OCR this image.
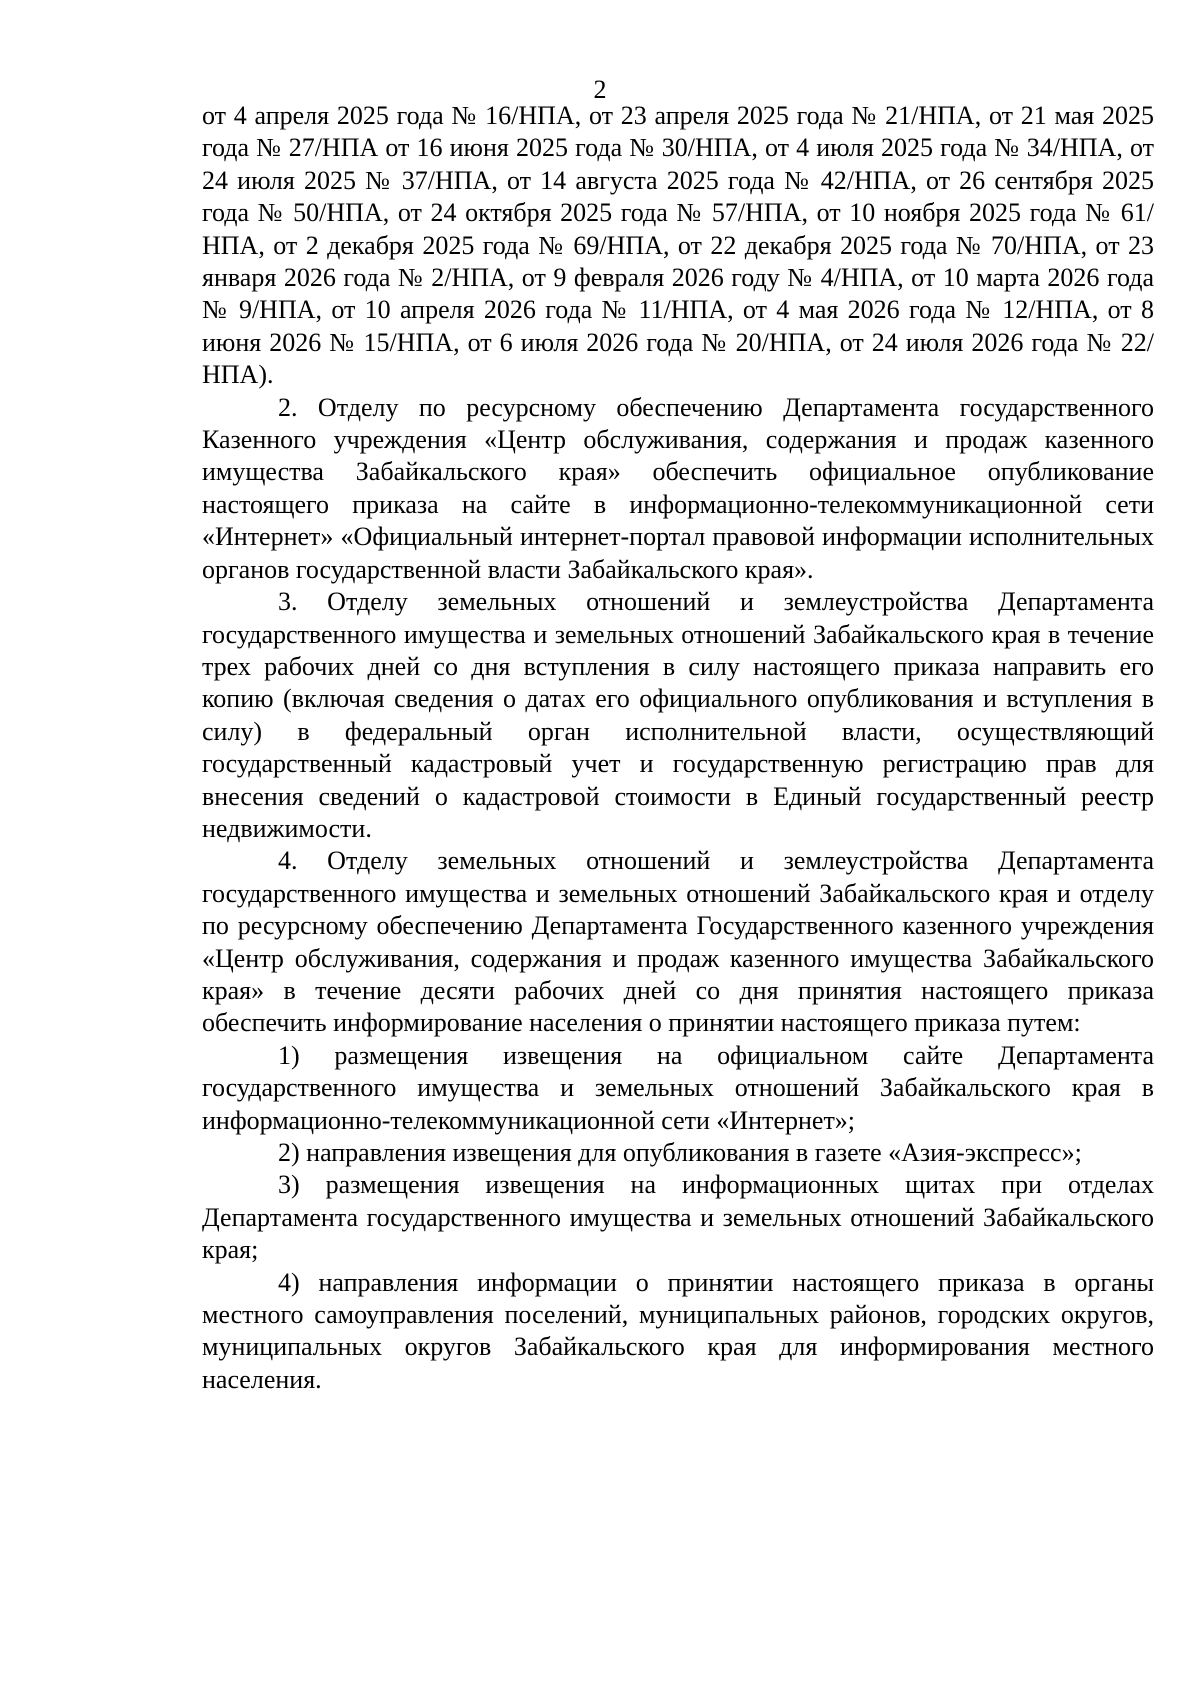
2

от 4 апреля 2025 года № 16/НПА, от 23 апреля 2025 года № 21/НПА, от 21 мая 2025 года № 27/НПА от 16 июня 2025 года № 30/НПА, от 4 июля 2025 года № 34/НПА, от 24 июля 2025 № 37/НПА, от 14 августа 2025 года № 42/НПА, от 26 сентября 2025 года № 50/НПА, от 24 октября 2025 года № 57/НПА, от 10 ноября 2025 года № 61/НПА, от 2 декабря 2025 года № 69/НПА, от 22 декабря 2025 года № 70/НПА, от 23 января 2026 года № 2/НПА, от 9 февраля 2026 году № 4/НПА, от 10 марта 2026 года № 9/НПА, от 10 апреля 2026 года № 11/НПА, от 4 мая 2026 года № 12/НПА, от 8 июня 2026 № 15/НПА, от 6 июля 2026 года № 20/НПА, от 24 июля 2026 года № 22/НПА).

2. Отделу по ресурсному обеспечению Департамента государственного Казенного учреждения «Центр обслуживания, содержания и продаж казенного имущества Забайкальского края» обеспечить официальное опубликование настоящего приказа на сайте в информационно-телекоммуникационной сети «Интернет» «Официальный интернет-портал правовой информации исполнительных органов государственной власти Забайкальского края».

3. Отделу земельных отношений и землеустройства Департамента государственного имущества и земельных отношений Забайкальского края в течение трех рабочих дней со дня вступления в силу настоящего приказа направить его копию (включая сведения о датах его официального опубликования и вступления в силу) в федеральный орган исполнительной власти, осуществляющий государственный кадастровый учет и государственную регистрацию прав для внесения сведений о кадастровой стоимости в Единый государственный реестр недвижимости.

4. Отделу земельных отношений и землеустройства Департамента государственного имущества и земельных отношений Забайкальского края и отделу по ресурсному обеспечению Департамента Государственного казенного учреждения «Центр обслуживания, содержания и продаж казенного имущества Забайкальского края» в течение десяти рабочих дней со дня принятия настоящего приказа обеспечить информирование населения о принятии настоящего приказа путем:

1) размещения извещения на официальном сайте Департамента государственного имущества и земельных отношений Забайкальского края в информационно-телекоммуникационной сети «Интернет»;

2) направления извещения для опубликования в газете «Азия-экспресс»;

3) размещения извещения на информационных щитах при отделах Департамента государственного имущества и земельных отношений Забайкальского края;

4) направления информации о принятии настоящего приказа в органы местного самоуправления поселений, муниципальных районов, городских округов, муниципальных округов Забайкальского края для информирования местного населения.
